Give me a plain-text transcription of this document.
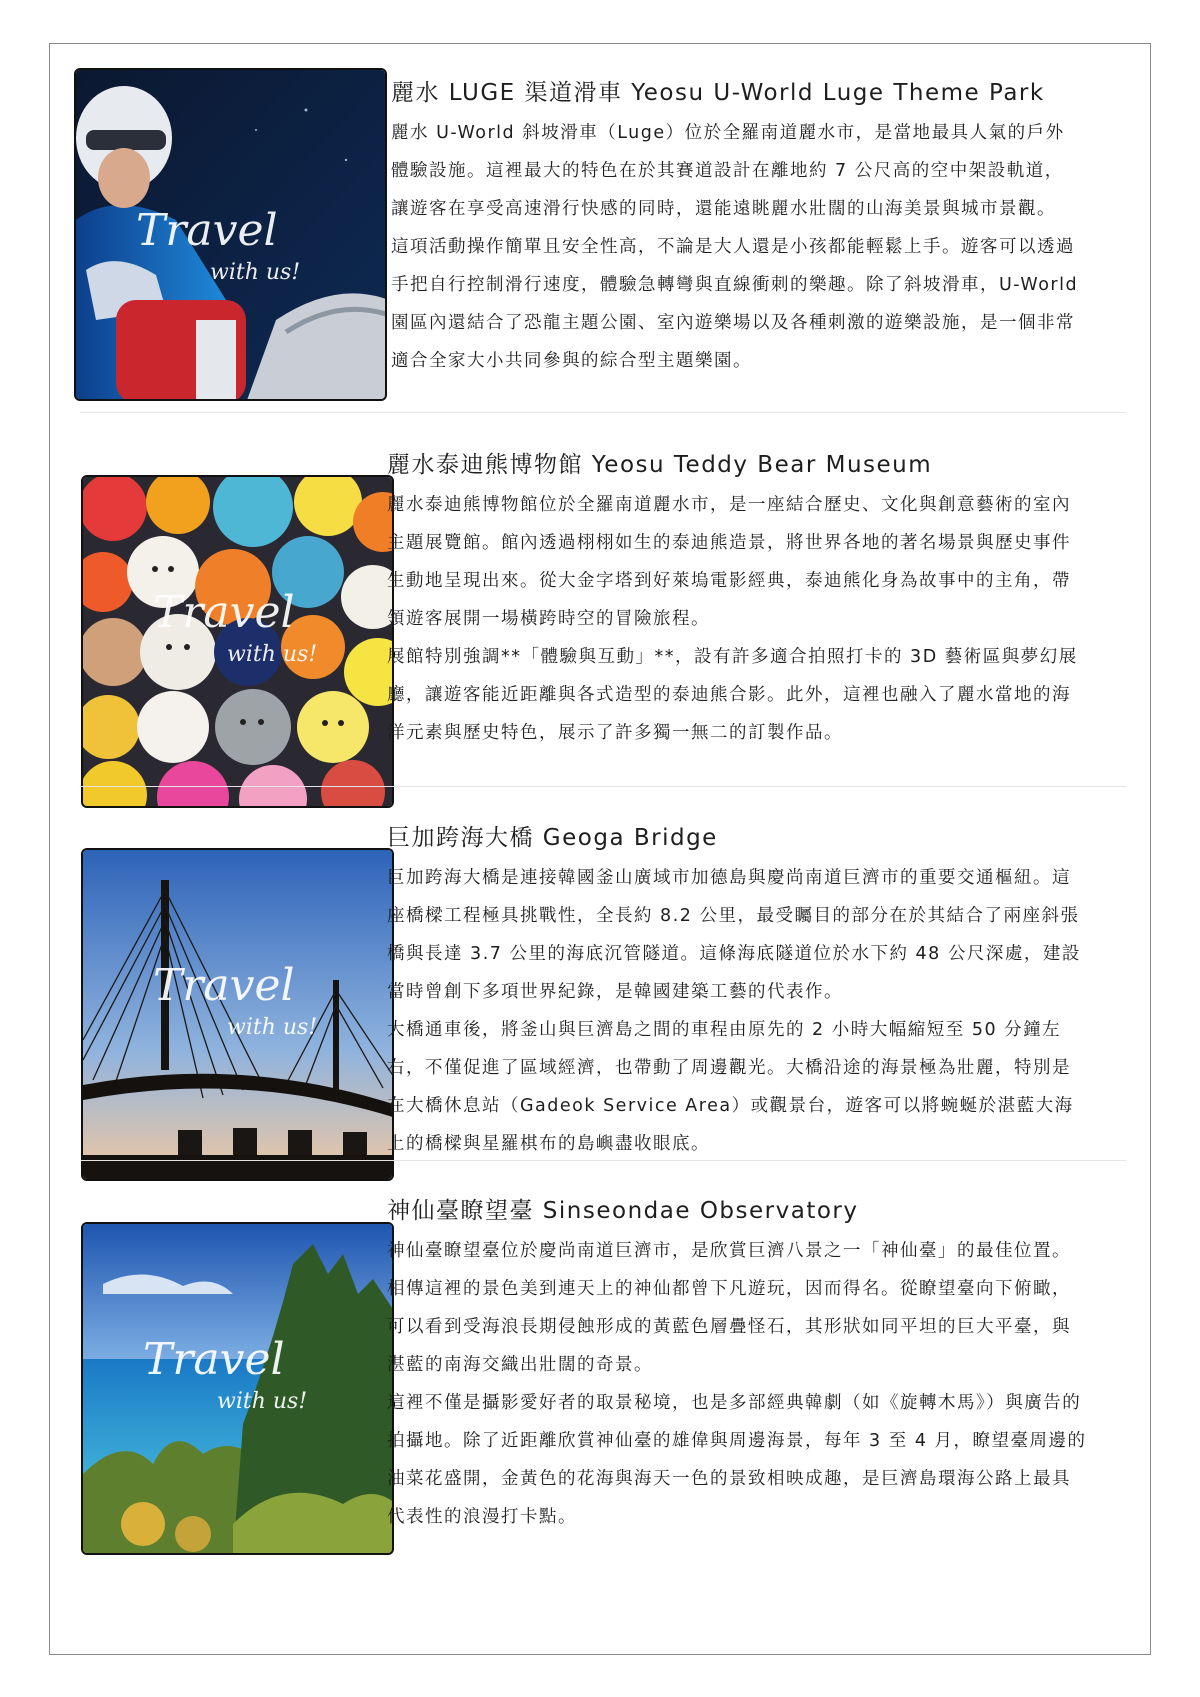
Travel
with us!
麗水 LUGE 渠道滑車 Yeosu U-World Luge Theme Park

麗水 U-World 斜坡滑車（Luge）位於全羅南道麗水市，是當地最具人氣的戶外體驗設施。這裡最大的特色在於其賽道設計在離地約 7 公尺高的空中架設軌道，讓遊客在享受高速滑行快感的同時，還能遠眺麗水壯闊的山海美景與城市景觀。

這項活動操作簡單且安全性高，不論是大人還是小孩都能輕鬆上手。遊客可以透過手把自行控制滑行速度，體驗急轉彎與直線衝刺的樂趣。除了斜坡滑車，U-World 園區內還結合了恐龍主題公園、室內遊樂場以及各種刺激的遊樂設施，是一個非常適合全家大小共同參與的綜合型主題樂園。

Travel
with us!
麗水泰迪熊博物館 Yeosu Teddy Bear Museum

麗水泰迪熊博物館位於全羅南道麗水市，是一座結合歷史、文化與創意藝術的室內主題展覽館。館內透過栩栩如生的泰迪熊造景，將世界各地的著名場景與歷史事件生動地呈現出來。從大金字塔到好萊塢電影經典，泰迪熊化身為故事中的主角，帶領遊客展開一場橫跨時空的冒險旅程。

展館特別強調**「體驗與互動」**，設有許多適合拍照打卡的 3D 藝術區與夢幻展廳，讓遊客能近距離與各式造型的泰迪熊合影。此外，這裡也融入了麗水當地的海洋元素與歷史特色，展示了許多獨一無二的訂製作品。

Travel
with us!
巨加跨海大橋 Geoga Bridge

巨加跨海大橋是連接韓國釜山廣域市加德島與慶尚南道巨濟市的重要交通樞紐。這座橋樑工程極具挑戰性，全長約 8.2 公里，最受矚目的部分在於其結合了兩座斜張橋與長達 3.7 公里的海底沉管隧道。這條海底隧道位於水下約 48 公尺深處，建設當時曾創下多項世界紀錄，是韓國建築工藝的代表作。

大橋通車後，將釜山與巨濟島之間的車程由原先的 2 小時大幅縮短至 50 分鐘左右，不僅促進了區域經濟，也帶動了周邊觀光。大橋沿途的海景極為壯麗，特別是在大橋休息站（Gadeok Service Area）或觀景台，遊客可以將蜿蜒於湛藍大海上的橋樑與星羅棋布的島嶼盡收眼底。

Travel
with us!
神仙臺瞭望臺 Sinseondae Observatory

神仙臺瞭望臺位於慶尚南道巨濟市，是欣賞巨濟八景之一「神仙臺」的最佳位置。相傳這裡的景色美到連天上的神仙都曾下凡遊玩，因而得名。從瞭望臺向下俯瞰，可以看到受海浪長期侵蝕形成的黃藍色層疊怪石，其形狀如同平坦的巨大平臺，與湛藍的南海交織出壯闊的奇景。

這裡不僅是攝影愛好者的取景秘境，也是多部經典韓劇（如《旋轉木馬》）與廣告的拍攝地。除了近距離欣賞神仙臺的雄偉與周邊海景，每年 3 至 4 月，瞭望臺周邊的油菜花盛開，金黃色的花海與海天一色的景致相映成趣，是巨濟島環海公路上最具代表性的浪漫打卡點。
